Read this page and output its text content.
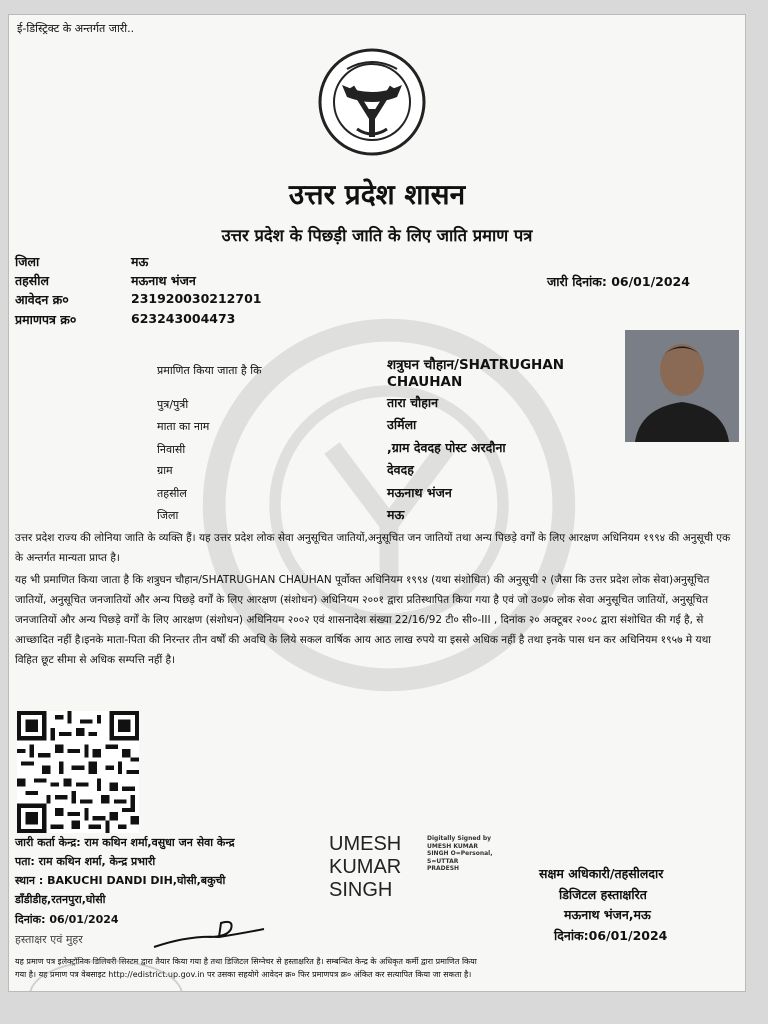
ई-डिस्ट्रिक्ट के अन्तर्गत जारी..
उत्तर प्रदेश शासन
उत्तर प्रदेश के पिछड़ी जाति के लिए जाति प्रमाण पत्र
जिला	मऊ
तहसील	मऊनाथ भंजन
आवेदन क्र०	231920030212701
प्रमाणपत्र क्र०	623243004473
जारी दिनांक: 06/01/2024
प्रमाणित किया जाता है कि	शत्रुघन चौहान/SHATRUGHAN
CHAUHAN
पुत्र/पुत्री	तारा चौहान
माता का नाम	उर्मिला
निवासी	,ग्राम देवदह पोस्ट अरदौना
ग्राम	देवदह
तहसील	मऊनाथ भंजन
जिला	मऊ
उत्तर प्रदेश राज्य की लोनिया जाति के व्यक्ति हैं। यह उत्तर प्रदेश लोक सेवा अनुसूचित जातियों,अनुसूचित जन जातियों तथा अन्य पिछड़े वर्गों के लिए आरक्षण अधिनियम १९९४ की अनुसूची एक के अन्तर्गत मान्यता प्राप्त है।
यह भी प्रमाणित किया जाता है कि शत्रुघन चौहान/SHATRUGHAN CHAUHAN पूर्वोक्त अधिनियम १९९४ (यथा संशोधित) की अनुसूची २ (जैसा कि उत्तर प्रदेश लोक सेवा)अनुसूचित जातियों, अनुसूचित जनजातियों और अन्य पिछड़े वर्गों के लिए आरक्षण (संशोधन) अधिनियम २००१ द्वारा प्रतिस्थापित किया गया है एवं जो उ०प्र० लोक सेवा अनुसूचित जातियों, अनुसूचित जनजातियों और अन्य पिछड़े वर्गों के लिए आरक्षण (संशोधन) अधिनियम २००२ एवं शासनादेश संख्या 22/16/92 टी० सी०-III , दिनांक २० अक्टूबर २००८ द्वारा संशोधित की गई है, से आच्छादित नहीं है।इनके माता-पिता की निरन्तर तीन वर्षों की अवधि के लिये सकल वार्षिक आय आठ लाख रुपये या इससे अधिक नहीं है तथा इनके पास धन कर अधिनियम १९५७ मे यथा विहित छूट सीमा से अधिक सम्पत्ति नहीं है।
जारी कर्ता केन्द्र: राम कथिन शर्मा,वसुधा जन सेवा केन्द्र
पता: राम कथिन शर्मा, केन्द्र प्रभारी
स्थान : BAKUCHI DANDI DIH,घोसी,बकुची
डाँडीडीह,रतनपुरा,घोसी
दिनांक: 06/01/2024
हस्ताक्षर एवं मुहर
UMESH
KUMAR
SINGH
Digitally Signed by
UMESH KUMAR
SINGH O=Personal,
S=UTTAR
PRADESH	सक्षम अधिकारी/तहसीलदार
डिजिटल हस्ताक्षरित
मऊनाथ भंजन,मऊ
दिनांक:06/01/2024
यह प्रमाण पत्र इलेक्ट्रॉनिक डिलिवरी सिस्टम द्वारा तैयार किया गया है तथा डिजिटल सिग्नेचर से हस्ताक्षरित है। सम्बन्धित केन्द्र के अधिकृत कर्मी द्वारा प्रमाणित किया
गया है। यह प्रमाण पत्र वेबसाइट http://edistrict.up.gov.in पर उसका सहयोगे आवेदन क्र० फिर प्रमाणपत्र क्र० अंकित कर सत्यापित किया जा सकता है।
